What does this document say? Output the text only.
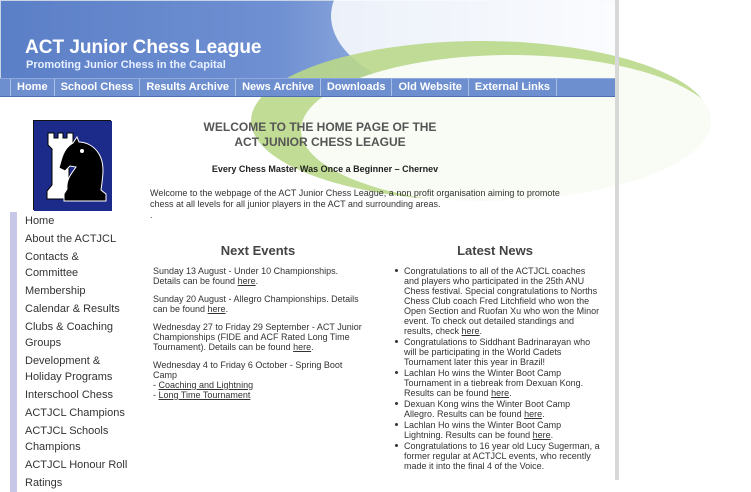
ACT Junior Chess League
Promoting Junior Chess in the Capital
Home	School Chess	Results Archive	News Archive	Downloads	Old Website	External Links
Home
About the ACTJCL
Contacts & Committee
Membership
Calendar & Results
Clubs & Coaching Groups
Development & Holiday Programs
Interschool Chess
ACTJCL Champions
ACTJCL Schools Champions
ACTJCL Honour Roll
Ratings
WELCOME TO THE HOME PAGE OF THE
ACT JUNIOR CHESS LEAGUE
Every Chess Master Was Once a Beginner – Chernev
Welcome to the webpage of the ACT Junior Chess League, a non profit organisation aiming to promote chess at all levels for all junior players in the ACT and surrounding areas.
.
Next Events
Sunday 13 August - Under 10 Championships. Details can be found here.
Sunday 20 August - Allegro Championships. Details can be found here.
Wednesday 27 to Friday 29 September - ACT Junior Championships (FIDE and ACF Rated Long Time Tournament). Details can be found here.
Wednesday 4 to Friday 6 October - Spring Boot Camp
- Coaching and Lightning
- Long Time Tournament
Latest News
Congratulations to all of the ACTJCL coaches and players who participated in the 25th ANU Chess festival. Special congratulations to Norths Chess Club coach Fred Litchfield who won the Open Section and Ruofan Xu who won the Minor event. To check out detailed standings and results, check here.
Congratulations to Siddhant Badrinarayan who will be participating in the World Cadets Tournament later this year in Brazil!
Lachlan Ho wins the Winter Boot Camp Tournament in a tiebreak from Dexuan Kong. Results can be found here.
Dexuan Kong wins the Winter Boot Camp Allegro. Results can be found here.
Lachlan Ho wins the Winter Boot Camp Lightning. Results can be found here.
Congratulations to 16 year old Lucy Sugerman, a former regular at ACTJCL events, who recently made it into the final 4 of the Voice.
